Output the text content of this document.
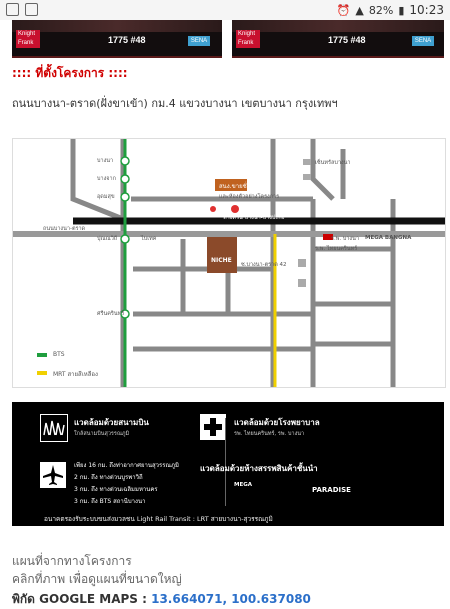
⏰ ▲ 82% ▮ 10:23
Knight Frank	1775 #48	SENA
Knight Frank	1775 #48	SENA
:::: ที่ตั้งโครงการ ::::
ถนนบางนา-ตราด(ฝั่งขาเข้า) กม.4 แขวงบางนา เขตบางนา กรุงเทพฯ
NICHE
ซ.บางนา-ตราด 42
สนง.ขายชั่วอยู่
และห้องตัวอย่างโครงการ
บางนา
บางจาก
อุดมสุข
ปุณณวิถี
ศรีนครินทร์
ทางด่วน บางนา-บางปะกง
ถนนบางนา-ตราด
ไบเทค
เซ็นทรัลบางนา
ร.พ. ไทยนครินทร์
ร.พ. บางนา MEGA BANGNA
BTS
MRT สายสีเหลือง
แวดล้อมด้วยสนามบิน
ใกล้สนามบินสุวรรณภูมิ
แวดล้อมด้วยโรงพยาบาล
รพ. ไทยนครินทร์, รพ. บางนา
เพียง 16 กม. ถึงท่าอากาศยานสุวรรณภูมิ
2 กม. ถึง ทางด่วนบูรพาวิถี
3 กม. ถึง ทางด่วนเฉลิมมหานคร
3 กม. ถึง BTS สถานีบางนา
แวดล้อมด้วยห้างสรรพสินค้าชั้นนำ
MEGA
PARADISE
อนาคตรองรับระบบขนส่งมวลชน Light Rail Transit : LRT สายบางนา-สุวรรณภูมิ
แผนที่จากทางโครงการ
คลิกที่ภาพ เพื่อดูแผนที่ขนาดใหญ่
พิกัด GOOGLE MAPS : 13.664071, 100.637080
